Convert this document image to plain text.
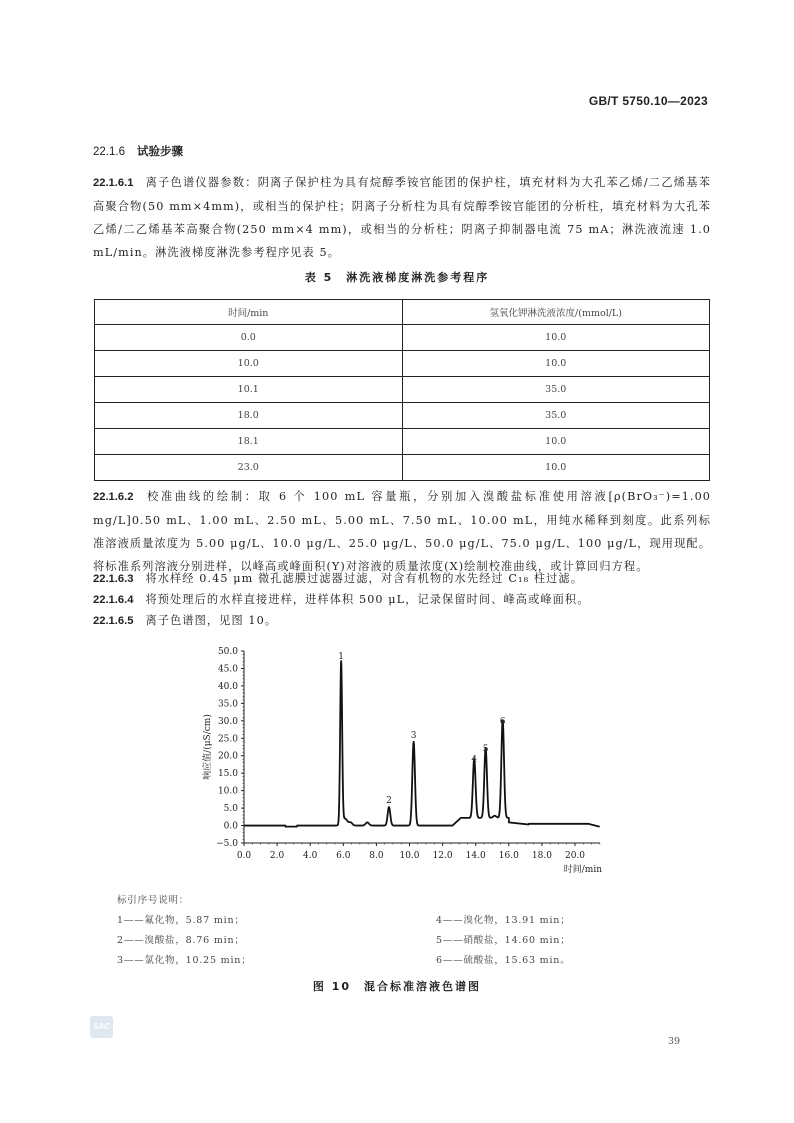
GB/T 5750.10—2023
22.1.6 试验步骤
22.1.6.1 离子色谱仪器参数：阴离子保护柱为具有烷醇季铵官能团的保护柱，填充材料为大孔苯乙烯/二乙烯基苯高聚合物(50 mm×4mm)，或相当的保护柱；阴离子分析柱为具有烷醇季铵官能团的分析柱，填充材料为大孔苯乙烯/二乙烯基苯高聚合物(250 mm×4 mm)，或相当的分析柱；阴离子抑制器电流 75 mA；淋洗液流速 1.0 mL/min。淋洗液梯度淋洗参考程序见表 5。
表 5　淋洗液梯度淋洗参考程序
时间/min	氢氧化钾淋洗液浓度/(mmol/L)
0.0	10.0
10.0	10.0
10.1	35.0
18.0	35.0
18.1	10.0
23.0	10.0
22.1.6.2 校准曲线的绘制：取 6 个 100 mL 容量瓶，分别加入溴酸盐标准使用溶液[ρ(BrO₃⁻)=1.00 mg/L]0.50 mL、1.00 mL、2.50 mL、5.00 mL、7.50 mL、10.00 mL，用纯水稀释到刻度。此系列标准溶液质量浓度为 5.00 μg/L、10.0 μg/L、25.0 μg/L、50.0 μg/L、75.0 μg/L、100 μg/L，现用现配。将标准系列溶液分别进样，以峰高或峰面积(Y)对溶液的质量浓度(X)绘制校准曲线，或计算回归方程。
22.1.6.3 将水样经 0.45 μm 微孔滤膜过滤器过滤，对含有机物的水先经过 C₁₈ 柱过滤。
22.1.6.4 将预处理后的水样直接进样，进样体积 500 μL，记录保留时间、峰高或峰面积。
22.1.6.5 离子色谱图，见图 10。
50.0
45.0
40.0
35.0
30.0
25.0
20.0
15.0
10.0
5.0
0.0
−5.0
0.0 2.0 4.0 6.0 8.0 10.0 12.0 14.0 16.0 18.0 20.0
1
2
3
4
5
6
响应值/(μS/cm)
时间/min
标引序号说明：
1——氟化物，5.87 min；
2——溴酸盐，8.76 min；
3——氯化物，10.25 min；
4——溴化物，13.91 min；
5——硝酸盐，14.60 min；
6——硫酸盐，15.63 min。
图 10　混合标准溶液色谱图
SAC
39
